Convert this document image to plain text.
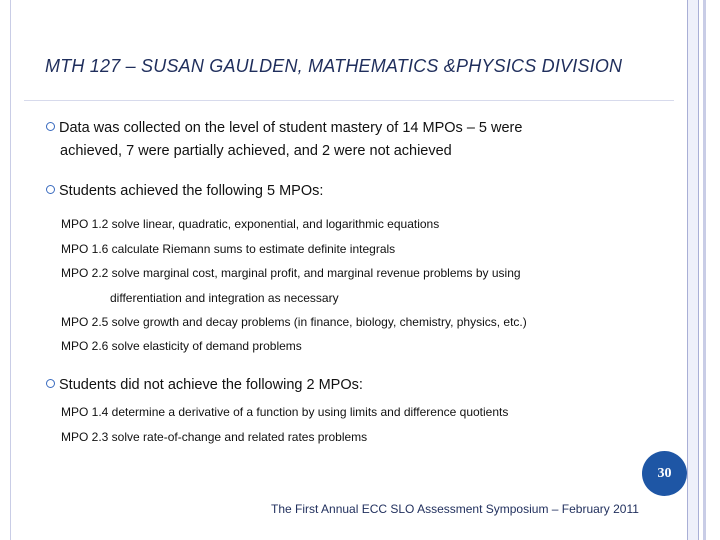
MTH 127 – SUSAN GAULDEN, MATHEMATICS &PHYSICS DIVISION
Data was collected on the level of student mastery of 14 MPOs – 5 were
achieved, 7 were partially achieved, and 2 were not achieved
Students achieved the following 5 MPOs:
MPO 1.2 solve linear, quadratic, exponential, and logarithmic equations
MPO 1.6 calculate Riemann sums to estimate definite integrals
MPO 2.2 solve marginal cost, marginal profit, and marginal revenue problems by using
differentiation and integration as necessary
MPO 2.5 solve growth and decay problems (in finance, biology, chemistry, physics, etc.)
MPO 2.6 solve elasticity of demand problems
Students did not achieve the following 2 MPOs:
MPO 1.4 determine a derivative of a function by using limits and difference quotients
MPO 2.3 solve rate-of-change and related rates problems
30
The First Annual ECC SLO Assessment Symposium – February 2011
